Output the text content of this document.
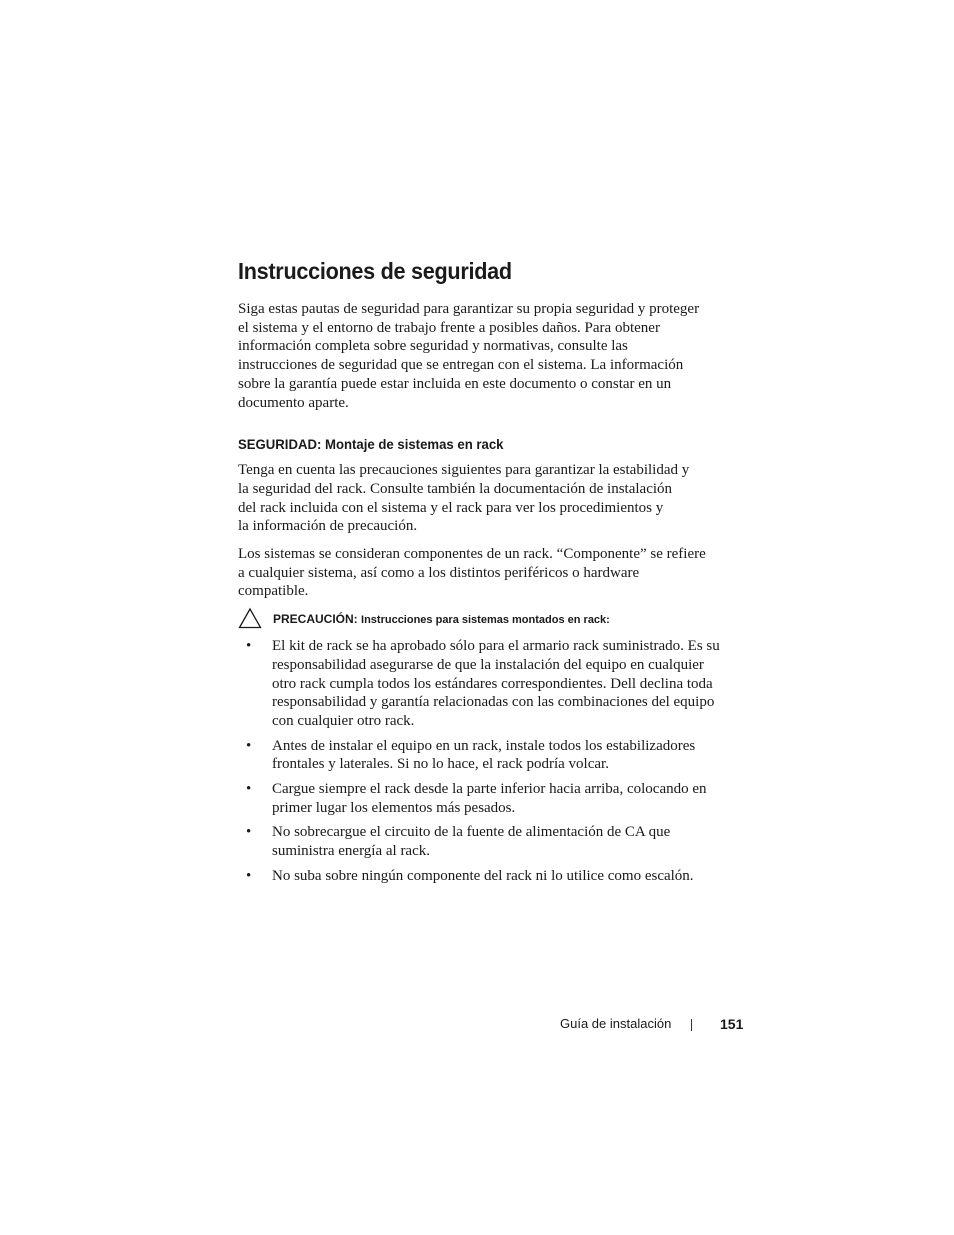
Instrucciones de seguridad

Siga estas pautas de seguridad para garantizar su propia seguridad y proteger
el sistema y el entorno de trabajo frente a posibles daños. Para obtener
información completa sobre seguridad y normativas, consulte las
instrucciones de seguridad que se entregan con el sistema. La información
sobre la garantía puede estar incluida en este documento o constar en un
documento aparte.

SEGURIDAD: Montaje de sistemas en rack

Tenga en cuenta las precauciones siguientes para garantizar la estabilidad y
la seguridad del rack. Consulte también la documentación de instalación
del rack incluida con el sistema y el rack para ver los procedimientos y
la información de precaución.

Los sistemas se consideran componentes de un rack. “Componente” se refiere
a cualquier sistema, así como a los distintos periféricos o hardware
compatible.

PRECAUCIÓN: Instrucciones para sistemas montados en rack:
• El kit de rack se ha aprobado sólo para el armario rack suministrado. Es su
responsabilidad asegurarse de que la instalación del equipo en cualquier
otro rack cumpla todos los estándares correspondientes. Dell declina toda
responsabilidad y garantía relacionadas con las combinaciones del equipo
con cualquier otro rack.
• Antes de instalar el equipo en un rack, instale todos los estabilizadores
frontales y laterales. Si no lo hace, el rack podría volcar.
• Cargue siempre el rack desde la parte inferior hacia arriba, colocando en
primer lugar los elementos más pesados.
• No sobrecargue el circuito de la fuente de alimentación de CA que
suministra energía al rack.
• No suba sobre ningún componente del rack ni lo utilice como escalón.
Guía de instalación	151
